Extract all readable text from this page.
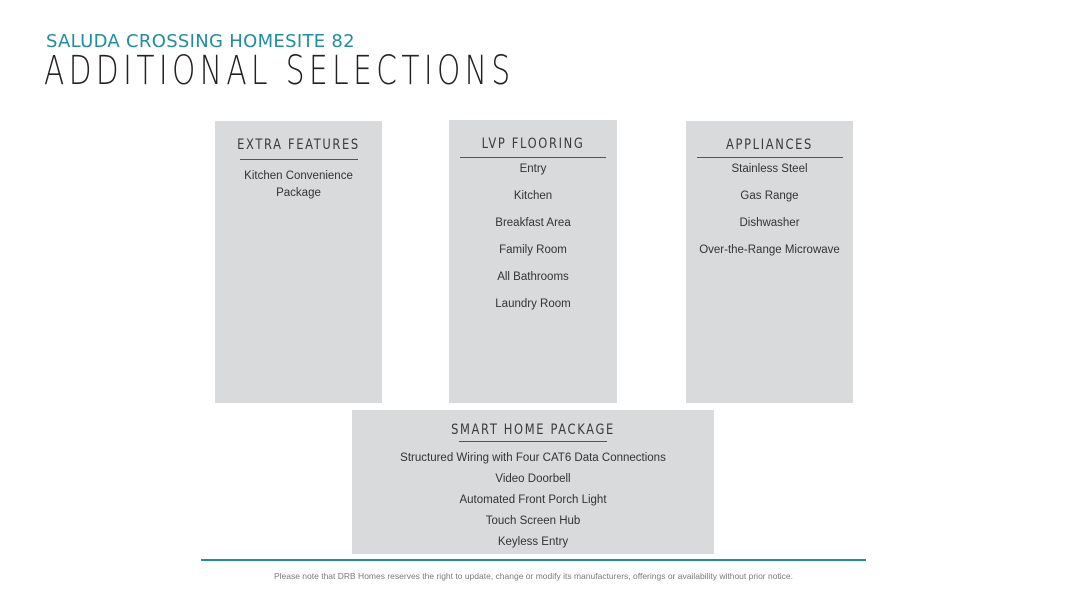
SALUDA CROSSING HOMESITE 82
ADDITIONAL SELECTIONS
EXTRA FEATURES
Kitchen Convenience
Package
LVP FLOORING
Entry
Kitchen
Breakfast Area
Family Room
All Bathrooms
Laundry Room
APPLIANCES
Stainless Steel
Gas Range
Dishwasher
Over-the-Range Microwave
SMART HOME PACKAGE
Structured Wiring with Four CAT6 Data Connections
Video Doorbell
Automated Front Porch Light
Touch Screen Hub
Keyless Entry
Please note that DRB Homes reserves the right to update, change or modify its manufacturers, offerings or availability without prior notice.
